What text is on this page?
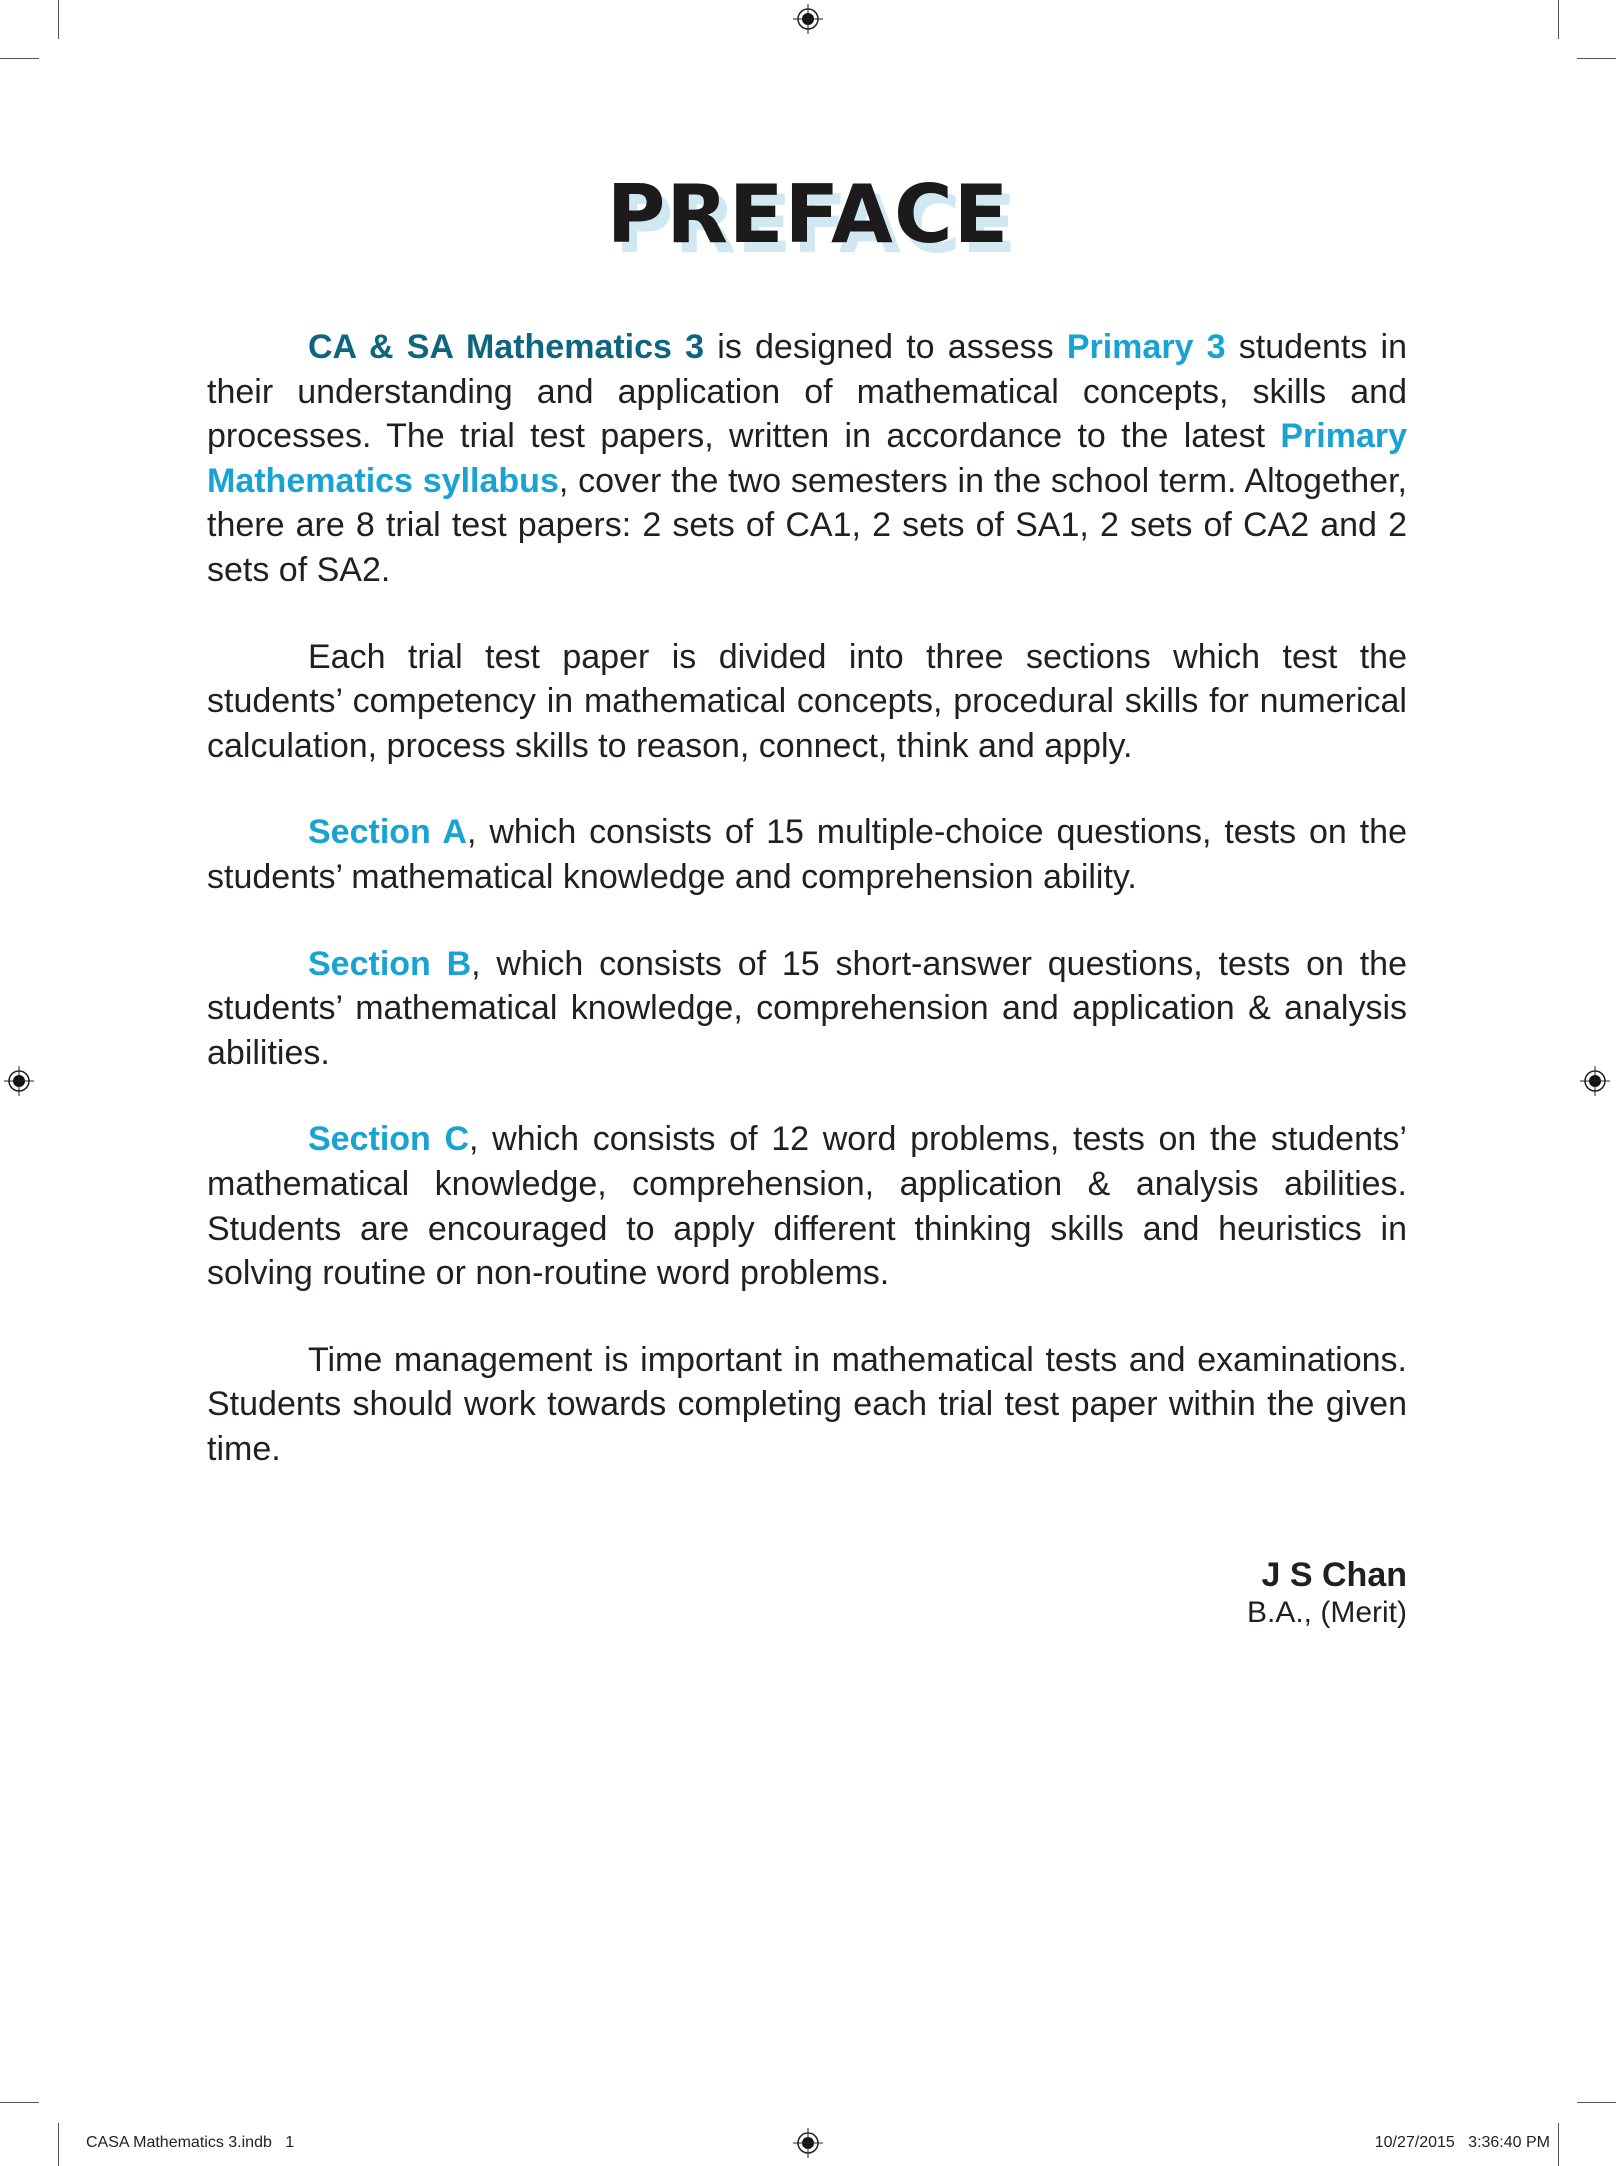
PREFACE

CA & SA Mathematics 3 is designed to assess Primary 3 students in their understanding and application of mathematical concepts, skills and processes. The trial test papers, written in accordance to the latest Primary Mathematics syllabus, cover the two semesters in the school term. Altogether, there are 8 trial test papers: 2 sets of CA1, 2 sets of SA1, 2 sets of CA2 and 2 sets of SA2.

Each trial test paper is divided into three sections which test the students’ competency in mathematical concepts, procedural skills for numerical calculation, process skills to reason, connect, think and apply.

Section A, which consists of 15 multiple-choice questions, tests on the students’ mathematical knowledge and comprehension ability.

Section B, which consists of 15 short-answer questions, tests on the students’ mathematical knowledge, comprehension and application & analysis abilities.

Section C, which consists of 12 word problems, tests on the students’ mathematical knowledge, comprehension, application & analysis abilities. Students are encouraged to apply different thinking skills and heuristics in solving routine or non-routine word problems.

Time management is important in mathematical tests and examinations. Students should work towards completing each trial test paper within the given time.

J S Chan
B.A., (Merit)
CASA Mathematics 3.indb   1	10/27/2015   3:36:40 PM
